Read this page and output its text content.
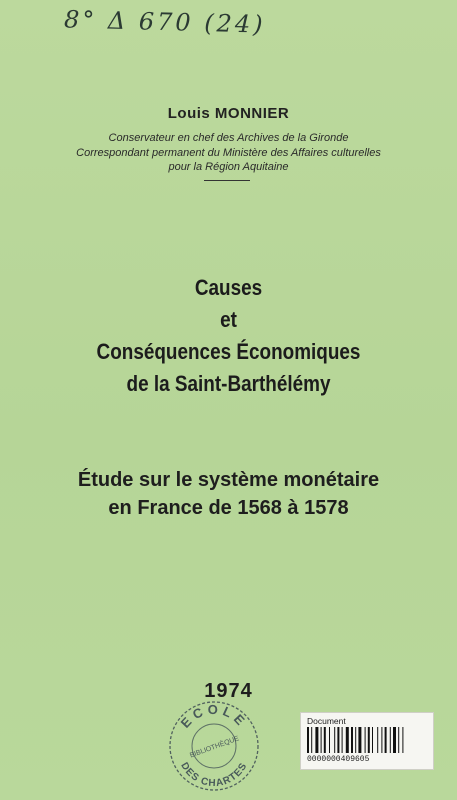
8° Δ 670 (24)
Louis MONNIER
Conservateur en chef des Archives de la Gironde
Correspondant permanent du Ministère des Affaires culturelles
pour la Région Aquitaine
Causes
et
Conséquences Économiques
de la Saint-Barthélémy
Étude sur le système monétaire
en France de 1568 à 1578
1974
ECOLE
BIBLIOTHÈQUE
DES CHARTES
Document
0000000409605
